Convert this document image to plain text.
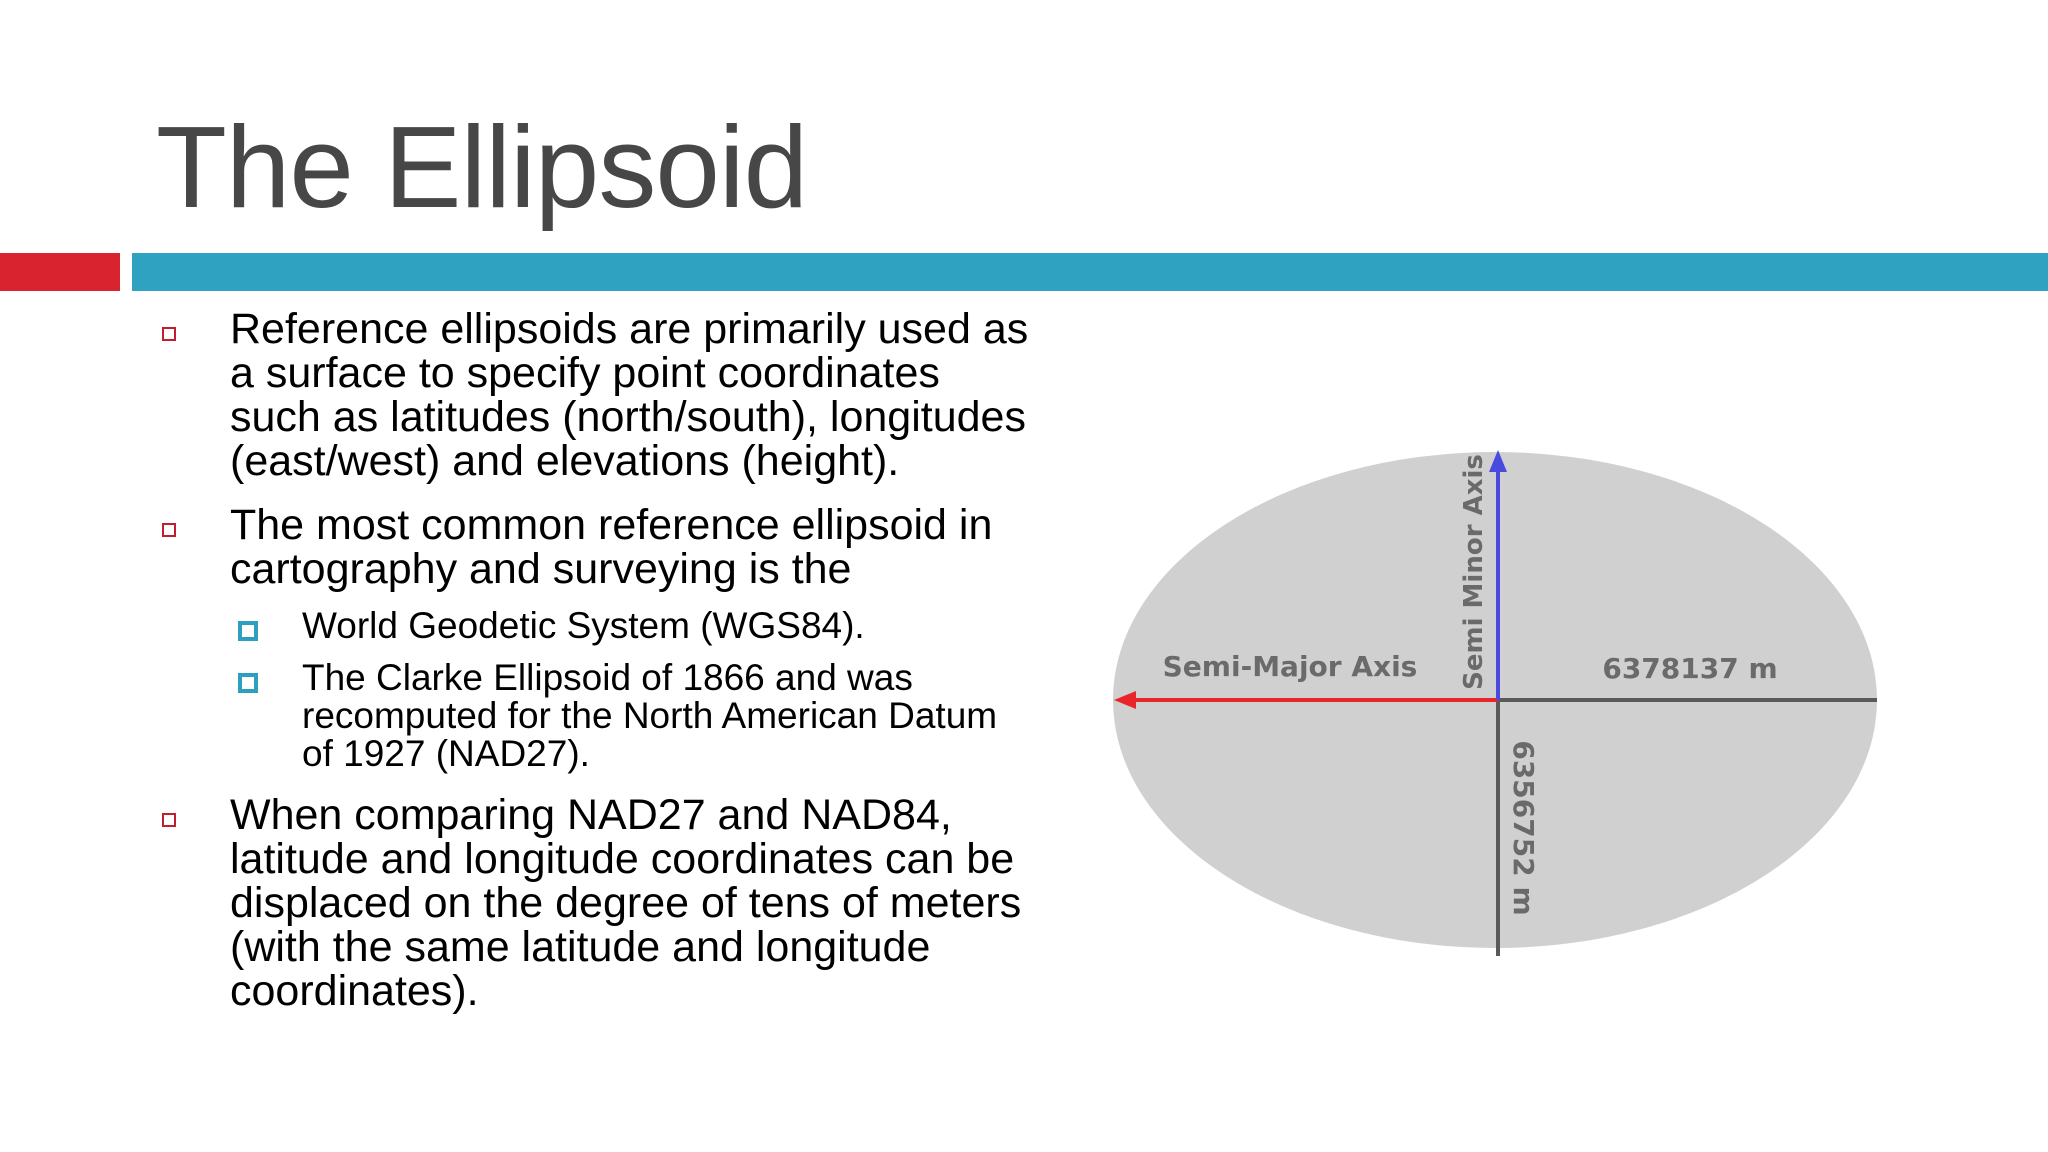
The Ellipsoid
Reference ellipsoids are primarily used as a surface to specify point coordinates such as latitudes (north/south), longitudes (east/west) and elevations (height).
The most common reference ellipsoid in cartography and surveying is the
World Geodetic System (WGS84).
The Clarke Ellipsoid of 1866 and was recomputed for the North American Datum of 1927 (NAD27).
When comparing NAD27 and NAD84, latitude and longitude coordinates can be displaced on the degree of tens of meters (with the same latitude and longitude coordinates).
Semi-Major Axis	6378137 m
Semi Minor Axis
6356752 m
